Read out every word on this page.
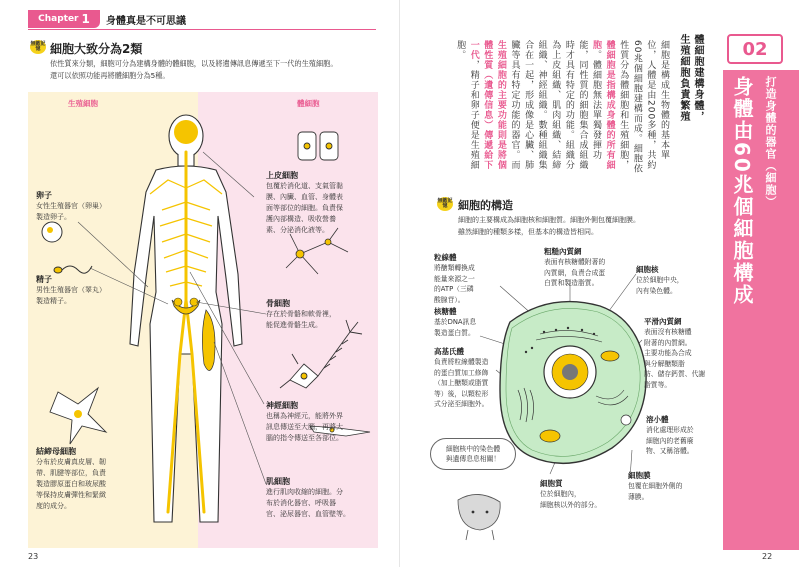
Chapter 1 身體真是不可思議
無敵記憶 細胞大致分為2類
依性質來分類，細胞可分為建構身體的體細胞，以及將遺傳訊息傳遞至下一代的生殖細胞。
還可以依照功能再將體細胞分為5種。
生殖細胞	體細胞
卵子
女性生殖器官（卵巢）
製造卵子。
精子
男性生殖器官（睪丸）
製造精子。
結締母細胞
分布於皮膚真皮層、韌
帶、肌腱等部位，負責
製造膠原蛋白和玻尿酸
等保持皮膚彈性和緊緻
度的成分。
上皮細胞
包覆於消化道、支氣管黏
膜、內臟、血管、身體表
面等部位的細胞。負責保
護內部構造、吸收營養
素、分泌消化液等。
骨細胞
存在於骨骼和軟骨裡，
能促進骨骼生成。
神經細胞
也稱為神經元，能將外界
訊息傳送至大腦，再將大
腦的指令傳送至各部位。
肌細胞
進行肌肉收縮的細胞。分
布於消化器官、呼吸器
官、泌尿器官、血管壁等。
23
02
打造身體的器官（細胞）
身體由60兆個細胞構成
體細胞建構身體，
生殖細胞負責繁殖
細胞是構成生物體的基本單位，人體是由200多種，共約60兆個細胞建構而成。細胞依性質分為體細胞和生殖細胞，體細胞是指構成身體的所有細胞。體細胞無法單獨發揮功能，同性質的細胞集合成組織時才具有特定的功能。組織分為上皮組織、肌肉組織、結締組織、神經組織。數種組織集合在一起，形成像是心臟、肺臟等具有特定功能的器官。而生殖細胞的主要功能則是將個體性質（遺傳信息）傳遞給下一代，精子和卵子便是生殖細胞。
無敵記憶 細胞的構造
細胞的主要構成為細胞核和細胞質。細胞外側包覆細胞膜。
雖然細胞的種類多樣，但基本的構造皆相同。
粒線體
將醣類轉換成
能量來源之一
的ATP（三磷
酸腺苷）。
粗糙內質網
表面有核糖體附著的
內質網，負責合成蛋
白質和製造脂質。
細胞核
位於細胞中央，
內有染色體。
核糖體
基於DNA訊息
製造蛋白質。
平滑內質網
表面沒有核糖體
附著的內質網。
主要功能為合成
與分解醣類脂
肪、儲存鈣質、代謝
脂質等。
高基氏體
負責將粒線體製造
的蛋白質加工修飾
（加上醣類或脂質
等）後，以顆粒形
式分泌至細胞外。
溶小體
消化處理形成於
細胞內的老舊廢
物、又稱溶體。
細胞質
位於細胞內，
細胞核以外的部分。
細胞膜
包覆在細胞外側的
薄膜。
細胞核中的染色體
與遺傳息息相關！
22
